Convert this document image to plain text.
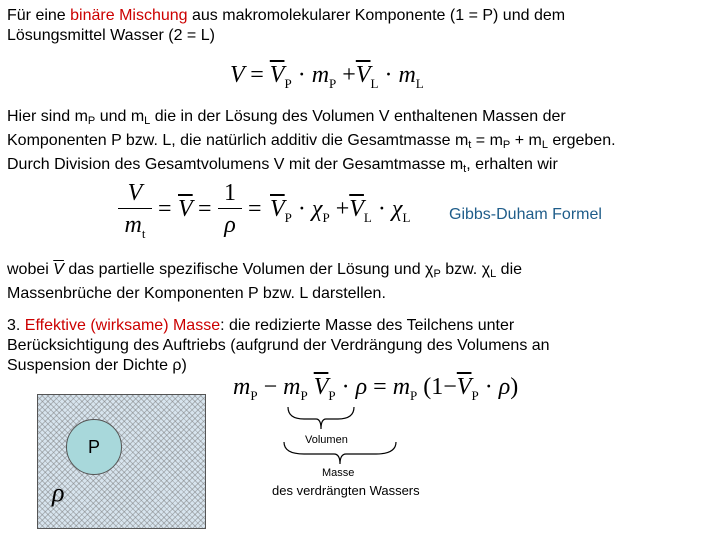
Für eine binäre Mischung aus makromolekularer Komponente (1 = P) und dem
Lösungsmittel Wasser (2 = L)

$V = \overline{V}_P \cdot m_P +\overline{V}_L \cdot m_L$

Hier sind $m_P$ und $m_L$ die in der Lösung des Volumen V enthaltenen Massen der
Komponenten P bzw. L, die natürlich additiv die Gesamtmasse $m_t = m_P + m_L$ ergeben.
Durch Division des Gesamtvolumens V mit der Gesamtmasse $m_t$, erhalten wir

V
$m_t$
= $\overline{V}$ =
1
ρ
= $\overline{V}_P \cdot \chi_P +\overline{V}_L \cdot \chi_L$ Gibbs-Duham Formel

wobei $\overline{V}$ das partielle spezifische Volumen der Lösung und $\chi_P$ bzw. $\chi_L$ die
Massenbrüche der Komponenten P bzw. L darstellen.

3. Effektive (wirksame) Masse: die redizierte Masse des Teilchens unter
Berücksichtigung des Auftriebs (aufgrund der Verdrängung des Volumens an
Suspension der Dichte ρ)

$m_P - m_P$ $\overline{V}_P \cdot \rho = m_P$ $(1-\overline{V}_P \cdot \rho)$
Volumen
Masse
des verdrängten Wassers
P
ρ
